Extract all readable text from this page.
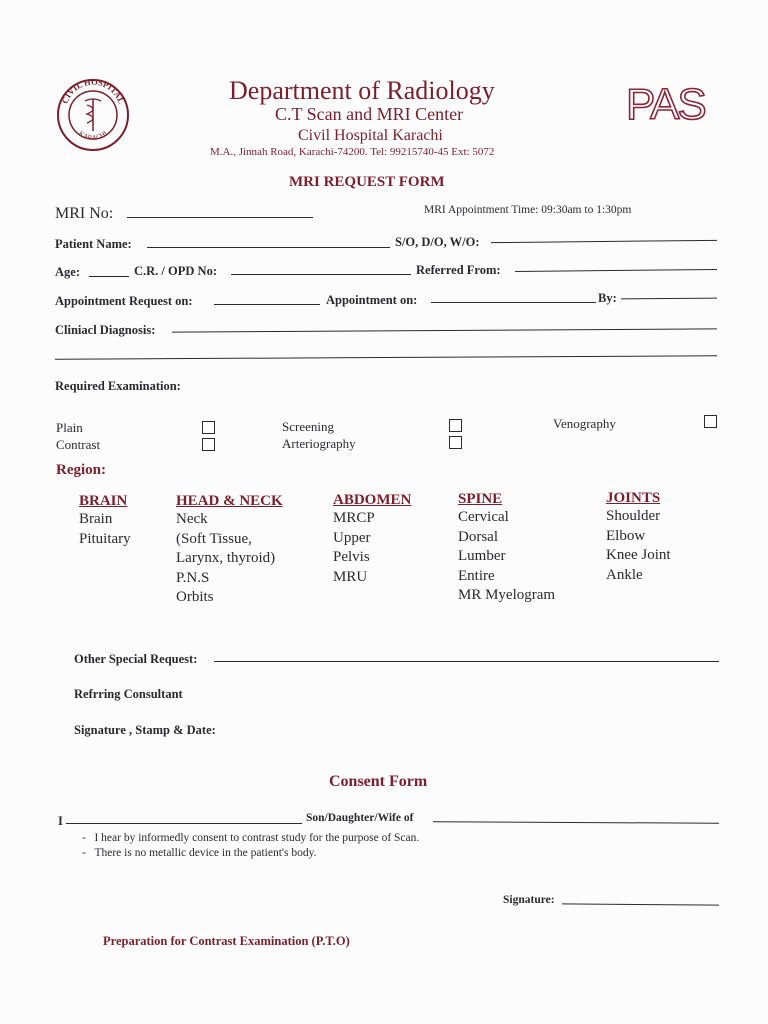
CIVIL HOSPITAL
KARACHI
Department of Radiology
C.T Scan and MRI Center
Civil Hospital Karachi
M.A., Jinnah Road, Karachi-74200. Tel: 99215740-45 Ext: 5072
PAS
MRI REQUEST FORM
MRI No:	MRI Appointment Time: 09:30am to 1:30pm
Patient Name:	S/O, D/O, W/O:
Age:	C.R. / OPD No:	Referred From:
Appointment Request on:	Appointment on:	By:
Cliniacl Diagnosis:
Required Examination:
Plain
Contrast
Screening
Arteriography
Venography
Region:
BRAIN
Brain
Pituitary
HEAD & NECK
Neck
(Soft Tissue,
Larynx, thyroid)
P.N.S
Orbits
ABDOMEN
MRCP
Upper
Pelvis
MRU
SPINE
Cervical
Dorsal
Lumber
Entire
MR Myelogram
JOINTS
Shoulder
Elbow
Knee Joint
Ankle
Other Special Request:
Refrring Consultant
Signature , Stamp & Date:
Consent Form
I	Son/Daughter/Wife of
- I hear by informedly consent to contrast study for the purpose of Scan.
- There is no metallic device in the patient's body.
Signature:
Preparation for Contrast Examination (P.T.O)
